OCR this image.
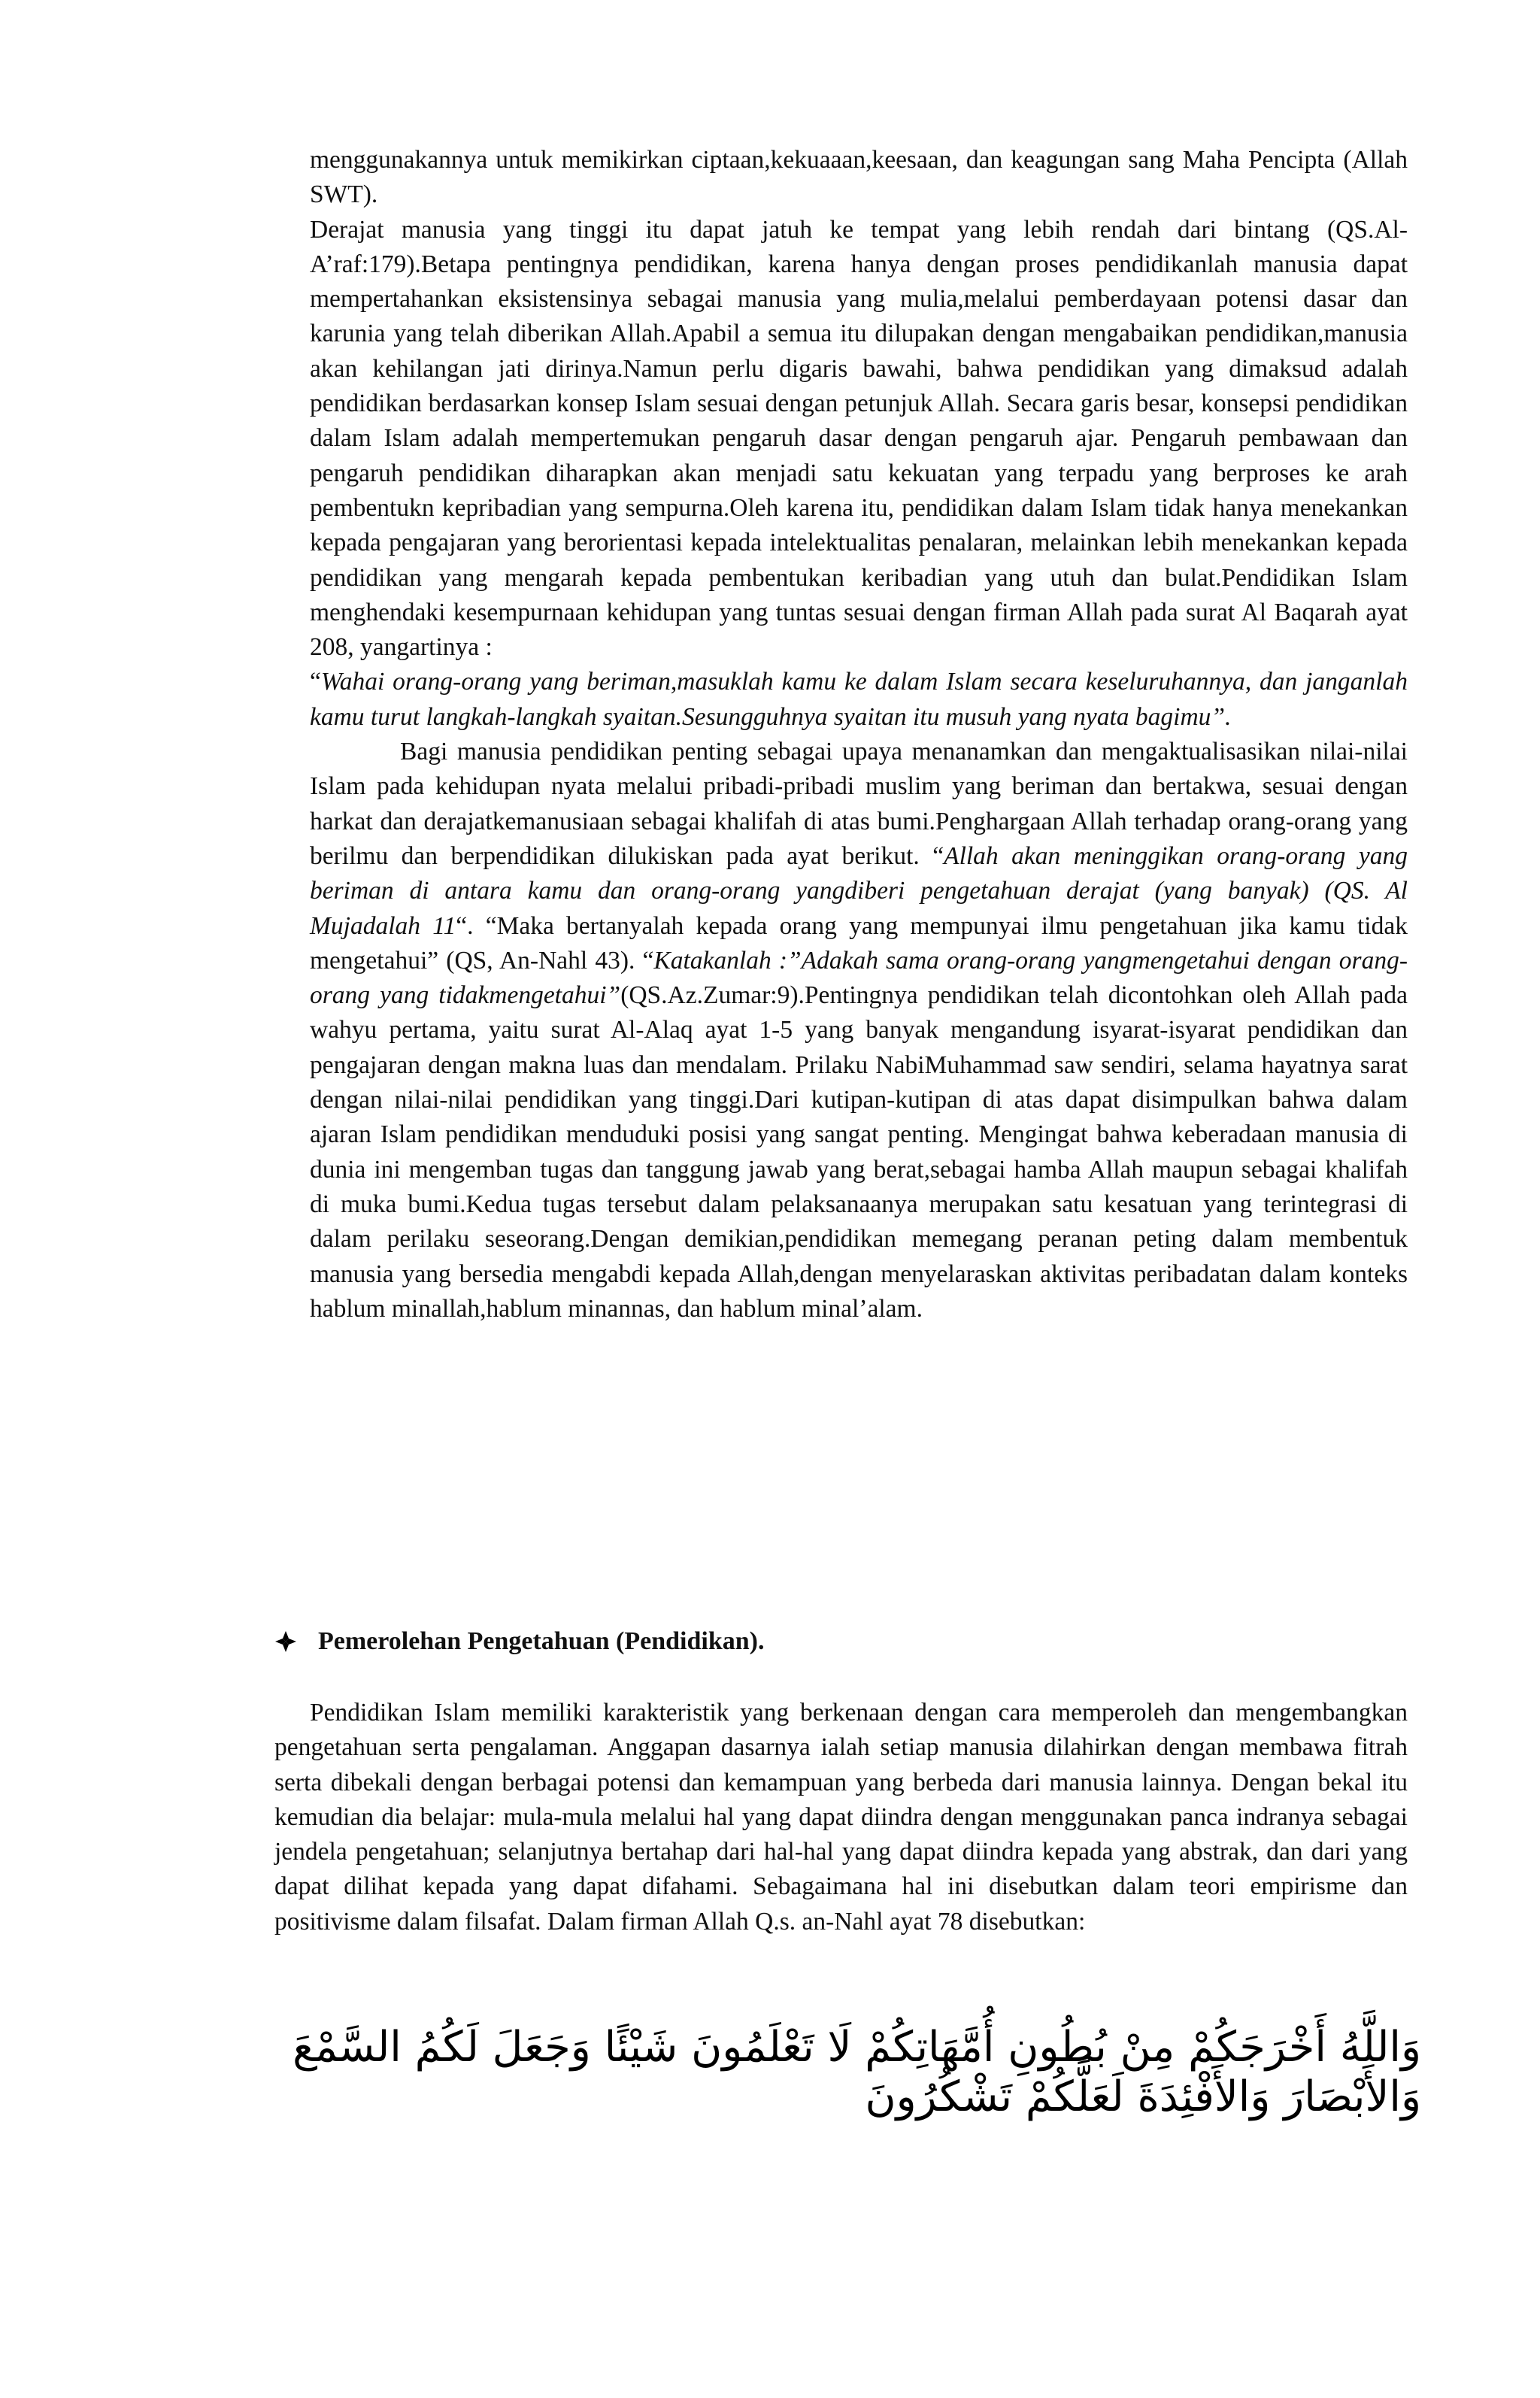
menggunakannya untuk memikirkan ciptaan,kekuaaan,keesaan, dan keagungan sang Maha Pencipta (Allah SWT).

Derajat manusia yang tinggi itu dapat jatuh ke tempat yang lebih rendah dari bintang (QS.Al-A’raf:179).Betapa pentingnya pendidikan, karena hanya dengan proses pendidikanlah manusia dapat mempertahankan eksistensinya sebagai manusia yang mulia,melalui pemberdayaan potensi dasar dan karunia yang telah diberikan Allah.Apabil a semua itu dilupakan dengan mengabaikan pendidikan,manusia akan kehilangan jati dirinya.Namun perlu digaris bawahi, bahwa pendidikan yang dimaksud adalah pendidikan berdasarkan konsep Islam sesuai dengan petunjuk Allah. Secara garis besar, konsepsi pendidikan dalam Islam adalah mempertemukan pengaruh dasar dengan pengaruh ajar. Pengaruh pembawaan dan pengaruh pendidikan diharapkan akan menjadi satu kekuatan yang terpadu yang berproses ke arah pembentukn kepribadian yang sempurna.Oleh karena itu, pendidikan dalam Islam tidak hanya menekankan kepada pengajaran yang berorientasi kepada intelektualitas penalaran, melainkan lebih menekankan kepada pendidikan yang mengarah kepada pembentukan keribadian yang utuh dan bulat.Pendidikan Islam menghendaki kesempurnaan kehidupan yang tuntas sesuai dengan firman Allah pada surat Al Baqarah ayat 208, yangartinya :

“Wahai orang-orang yang beriman,masuklah kamu ke dalam Islam secara keseluruhannya, dan janganlah kamu turut langkah-langkah syaitan.Sesungguhnya syaitan itu musuh yang nyata bagimu”.

Bagi manusia pendidikan penting sebagai upaya menanamkan dan mengaktualisasikan nilai-nilai Islam pada kehidupan nyata melalui pribadi-pribadi muslim yang beriman dan bertakwa, sesuai dengan harkat dan derajatkemanusiaan sebagai khalifah di atas bumi.Penghargaan Allah terhadap orang-orang yang berilmu dan berpendidikan dilukiskan pada ayat berikut. “Allah akan meninggikan orang-orang yang beriman di antara kamu dan orang-orang yangdiberi pengetahuan derajat (yang banyak) (QS. Al Mujadalah 11“. “Maka bertanyalah kepada orang yang mempunyai ilmu pengetahuan jika kamu tidak mengetahui” (QS, An-Nahl 43). “Katakanlah :”Adakah sama orang-orang yangmengetahui dengan orang-orang yang tidakmengetahui”(QS.Az.Zumar:9).Pentingnya pendidikan telah dicontohkan oleh Allah pada wahyu pertama, yaitu surat Al-Alaq ayat 1-5 yang banyak mengandung isyarat-isyarat pendidikan dan pengajaran dengan makna luas dan mendalam. Prilaku NabiMuhammad saw sendiri, selama hayatnya sarat dengan nilai-nilai pendidikan yang tinggi.Dari kutipan-kutipan di atas dapat disimpulkan bahwa dalam ajaran Islam pendidikan menduduki posisi yang sangat penting. Mengingat bahwa keberadaan manusia di dunia ini mengemban tugas dan tanggung jawab yang berat,sebagai hamba Allah maupun sebagai khalifah di muka bumi.Kedua tugas tersebut dalam pelaksanaanya merupakan satu kesatuan yang terintegrasi di dalam perilaku seseorang.Dengan demikian,pendidikan memegang peranan peting dalam membentuk manusia yang bersedia mengabdi kepada Allah,dengan menyelaraskan aktivitas peribadatan dalam konteks hablum minallah,hablum minannas, dan hablum minal’alam.

Pemerolehan Pengetahuan (Pendidikan).

Pendidikan Islam memiliki karakteristik yang berkenaan dengan cara memperoleh dan mengembangkan pengetahuan serta pengalaman. Anggapan dasarnya ialah setiap manusia dilahirkan dengan membawa fitrah serta dibekali dengan berbagai potensi dan kemampuan yang berbeda dari manusia lainnya. Dengan bekal itu kemudian dia belajar: mula-mula melalui hal yang dapat diindra dengan menggunakan panca indranya sebagai jendela pengetahuan; selanjutnya bertahap dari hal-hal yang dapat diindra kepada yang abstrak, dan dari yang dapat dilihat kepada yang dapat difahami. Sebagaimana hal ini disebutkan dalam teori empirisme dan positivisme dalam filsafat. Dalam firman Allah Q.s. an-Nahl ayat 78 disebutkan:

وَاللَّهُ أَخْرَجَكُمْ مِنْ بُطُونِ أُمَّهَاتِكُمْ لَا تَعْلَمُونَ شَيْئًا وَجَعَلَ لَكُمُ السَّمْعَ وَالأَبْصَارَ وَالأَفْئِدَةَ لَعَلَّكُمْ تَشْكُرُونَ
